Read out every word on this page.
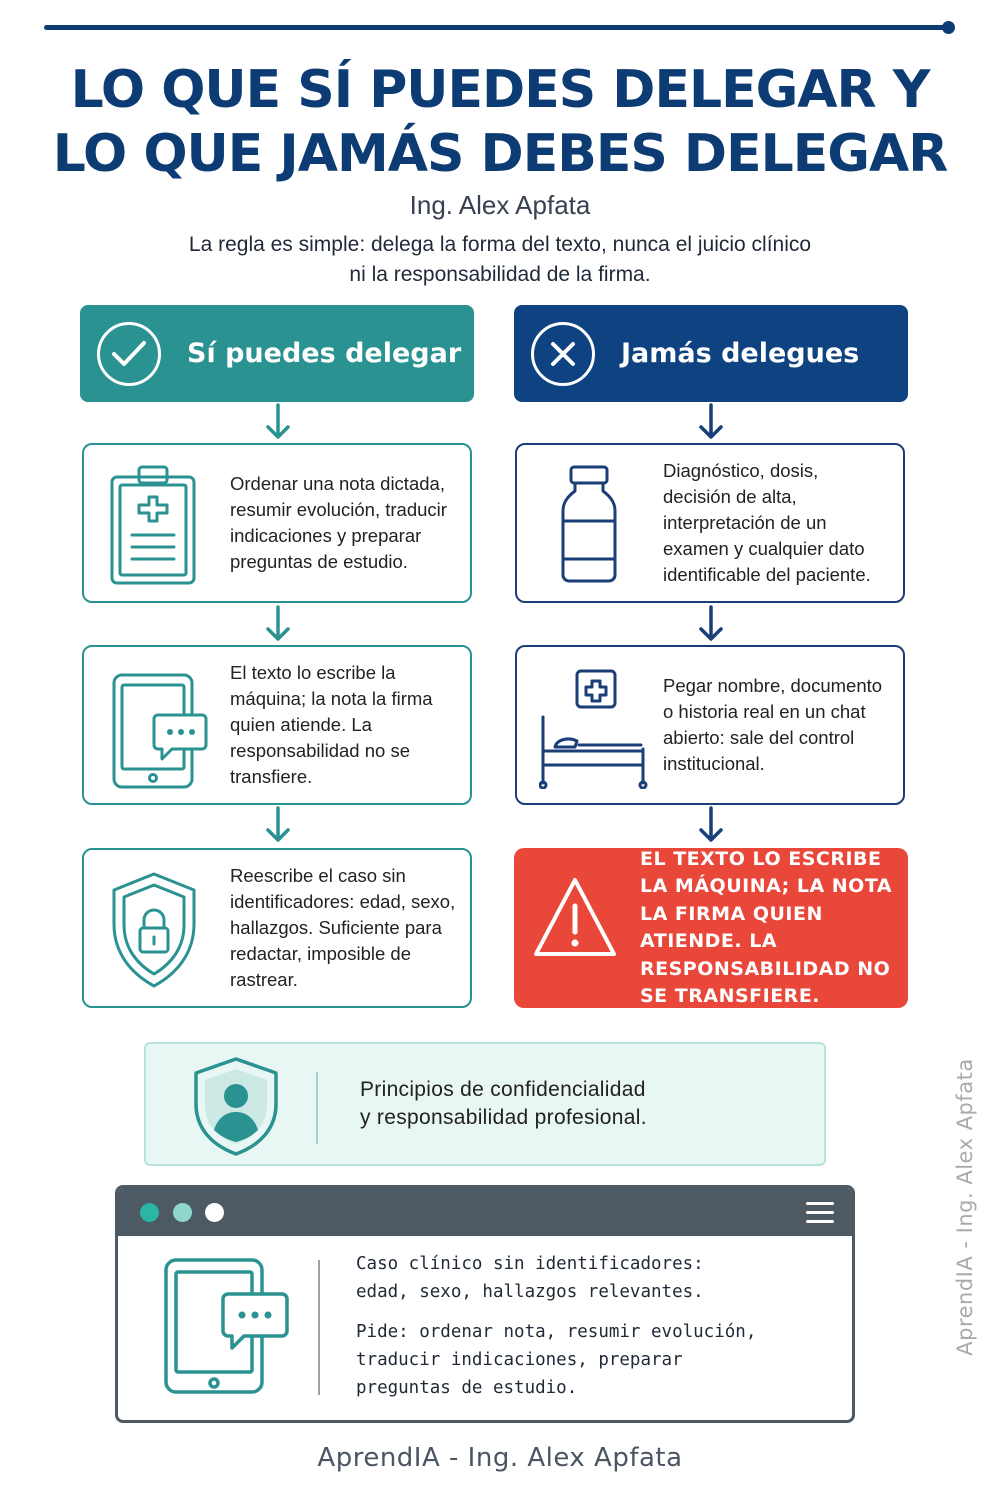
LO QUE SÍ PUEDES DELEGAR Y
LO QUE JAMÁS DEBES DELEGAR
Ing. Alex Apfata
La regla es simple: delega la forma del texto, nunca el juicio clínico
ni la responsabilidad de la firma.
Sí puedes delegar	Jamás delegues
Ordenar una nota dictada, resumir evolución, traducir indicaciones y preparar preguntas de estudio.
El texto lo escribe la máquina; la nota la firma quien atiende. La responsabilidad no se transfiere.
Reescribe el caso sin identificadores: edad, sexo, hallazgos. Suficiente para redactar, imposible de rastrear.
Diagnóstico, dosis, decisión de alta, interpretación de un examen y cualquier dato identificable del paciente.
Pegar nombre, documento o historia real en un chat abierto: sale del control institucional.
EL TEXTO LO ESCRIBE LA MÁQUINA; LA NOTA LA FIRMA QUIEN ATIENDE. LA RESPONSABILIDAD NO SE TRANSFIERE.
Principios de confidencialidad
y responsabilidad profesional.

Caso clínico sin identificadores:
edad, sexo, hallazgos relevantes.

Pide: ordenar nota, resumir evolución,
traducir indicaciones, preparar
preguntas de estudio.

AprendIA - Ing. Alex Apfata
AprendIA - Ing. Alex Apfata
